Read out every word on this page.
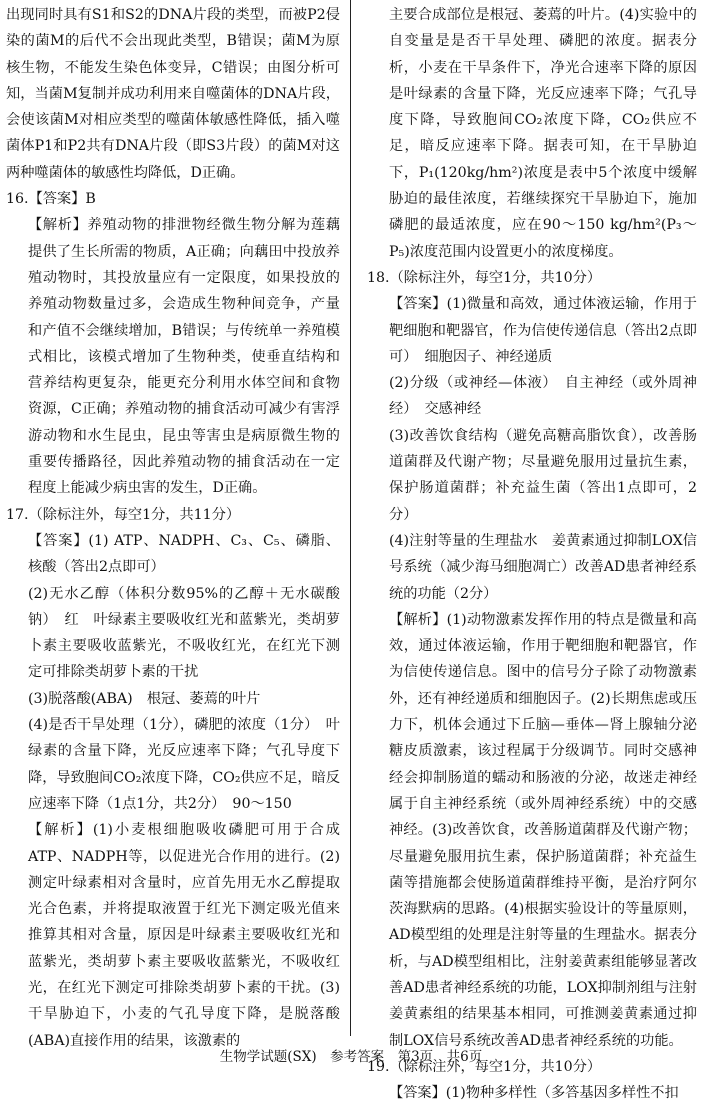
出现同时具有S1和S2的DNA片段的类型，而被P2侵染的菌M的后代不会出现此类型，B错误；菌M为原核生物，不能发生染色体变异，C错误；由图分析可知，当菌M复制并成功利用来自噬菌体的DNA片段，会使该菌M对相应类型的噬菌体敏感性降低，插入噬菌体P1和P2共有DNA片段（即S3片段）的菌M对这两种噬菌体的敏感性均降低，D正确。

16.【答案】B

【解析】养殖动物的排泄物经微生物分解为莲藕提供了生长所需的物质，A正确；向藕田中投放养殖动物时，其投放量应有一定限度，如果投放的养殖动物数量过多，会造成生物种间竞争，产量和产值不会继续增加，B错误；与传统单一养殖模式相比，该模式增加了生物种类，使垂直结构和营养结构更复杂，能更充分利用水体空间和食物资源，C正确；养殖动物的捕食活动可减少有害浮游动物和水生昆虫，昆虫等害虫是病原微生物的重要传播路径，因此养殖动物的捕食活动在一定程度上能减少病虫害的发生，D正确。

17.（除标注外，每空1分，共11分）

【答案】(1) ATP、NADPH、C₃、C₅、磷脂、核酸（答出2点即可）

(2)无水乙醇（体积分数95%的乙醇＋无水碳酸钠）　红　叶绿素主要吸收红光和蓝紫光，类胡萝卜素主要吸收蓝紫光，不吸收红光，在红光下测定可排除类胡萝卜素的干扰

(3)脱落酸(ABA)　根冠、萎蔫的叶片

(4)是否干旱处理（1分），磷肥的浓度（1分）　叶绿素的含量下降，光反应速率下降；气孔导度下降，导致胞间CO₂浓度下降，CO₂供应不足，暗反应速率下降（1点1分，共2分）　90～150

【解析】(1)小麦根细胞吸收磷肥可用于合成ATP、NADPH等，以促进光合作用的进行。(2)测定叶绿素相对含量时，应首先用无水乙醇提取光合色素，并将提取液置于红光下测定吸光值来推算其相对含量，原因是叶绿素主要吸收红光和蓝紫光，类胡萝卜素主要吸收蓝紫光，不吸收红光，在红光下测定可排除类胡萝卜素的干扰。(3)干旱胁迫下，小麦的气孔导度下降，是脱落酸(ABA)直接作用的结果，该激素的

主要合成部位是根冠、萎蔫的叶片。(4)实验中的自变量是是否干旱处理、磷肥的浓度。据表分析，小麦在干旱条件下，净光合速率下降的原因是叶绿素的含量下降，光反应速率下降；气孔导度下降，导致胞间CO₂浓度下降，CO₂供应不足，暗反应速率下降。据表可知，在干旱胁迫下，P₁(120kg/hm²)浓度是表中5个浓度中缓解胁迫的最佳浓度，若继续探究干旱胁迫下，施加磷肥的最适浓度，应在90～150 kg/hm²(P₃～P₅)浓度范围内设置更小的浓度梯度。

18.（除标注外，每空1分，共10分）

【答案】(1)微量和高效，通过体液运输，作用于靶细胞和靶器官，作为信使传递信息（答出2点即可）　细胞因子、神经递质

(2)分级（或神经—体液）　自主神经（或外周神经）　交感神经

(3)改善饮食结构（避免高糖高脂饮食），改善肠道菌群及代谢产物；尽量避免服用过量抗生素，保护肠道菌群；补充益生菌（答出1点即可，2分）

(4)注射等量的生理盐水　姜黄素通过抑制LOX信号系统（减少海马细胞凋亡）改善AD患者神经系统的功能（2分）

【解析】(1)动物激素发挥作用的特点是微量和高效，通过体液运输，作用于靶细胞和靶器官，作为信使传递信息。图中的信号分子除了动物激素外，还有神经递质和细胞因子。(2)长期焦虑或压力下，机体会通过下丘脑—垂体—肾上腺轴分泌糖皮质激素，该过程属于分级调节。同时交感神经会抑制肠道的蠕动和肠液的分泌，故迷走神经属于自主神经系统（或外周神经系统）中的交感神经。(3)改善饮食，改善肠道菌群及代谢产物；尽量避免服用抗生素，保护肠道菌群；补充益生菌等措施都会使肠道菌群维持平衡，是治疗阿尔茨海默病的思路。(4)根据实验设计的等量原则，AD模型组的处理是注射等量的生理盐水。据表分析，与AD模型组相比，注射姜黄素组能够显著改善AD患者神经系统的功能，LOX抑制剂组与注射姜黄素组的结果基本相同，可推测姜黄素通过抑制LOX信号系统改善AD患者神经系统的功能。

19.（除标注外，每空1分，共10分）

【答案】(1)物种多样性（多答基因多样性不扣

生物学试题(SX)　参考答案　第3页　共6页
